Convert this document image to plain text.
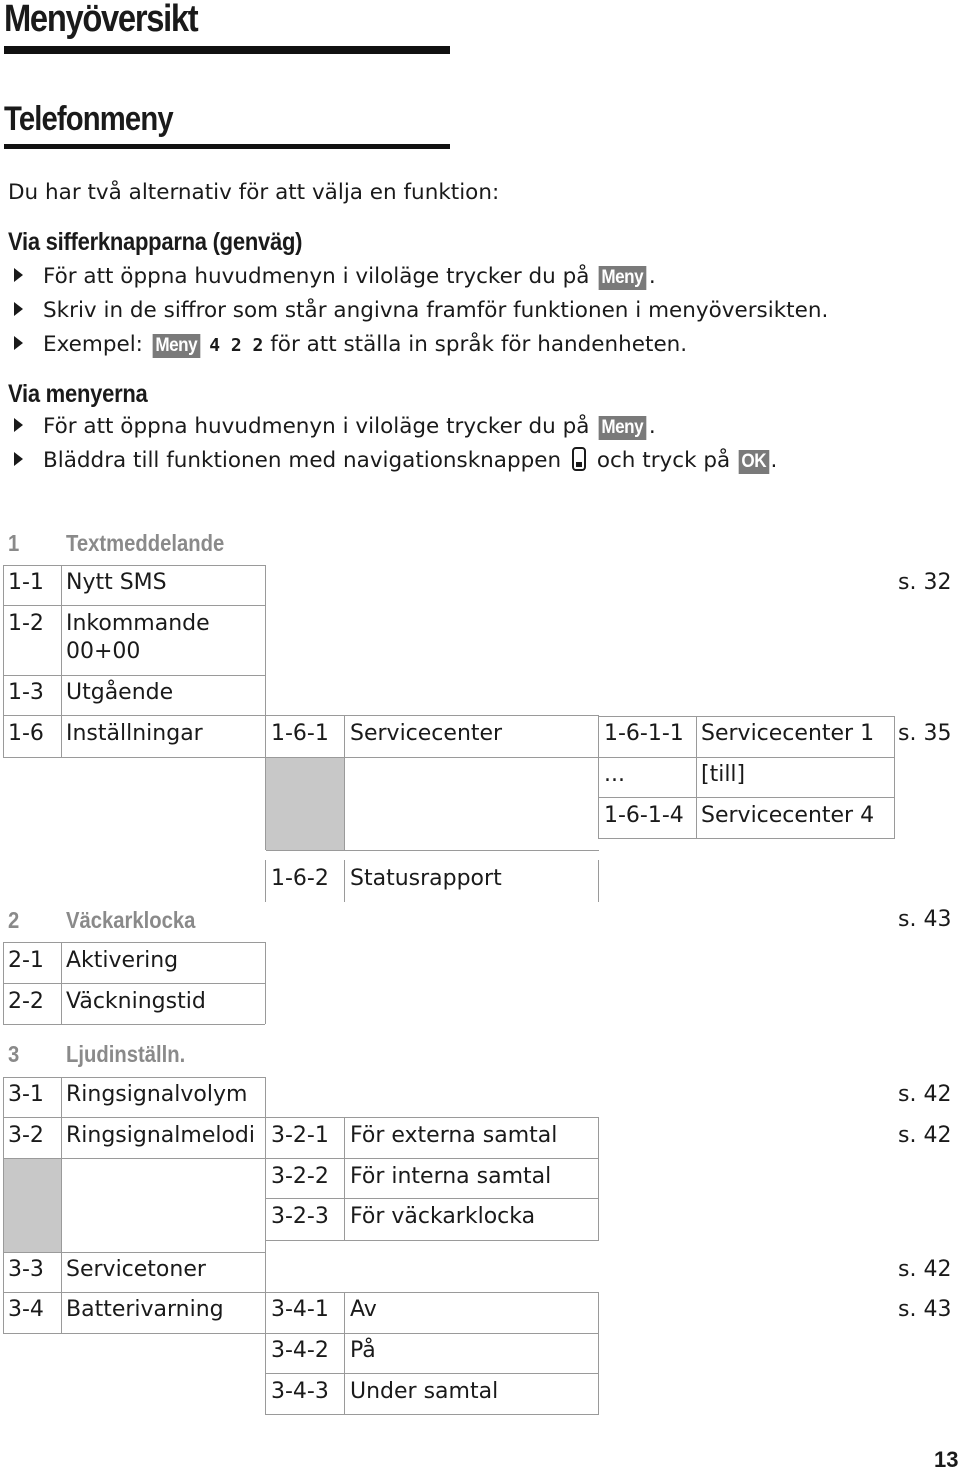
Menyöversikt
Telefonmeny
Du har två alternativ för att välja en funktion:
Via sifferknapparna (genväg)
För att öppna huvudmenyn i viloläge trycker du på Meny .
Skriv in de siffror som står angivna framför funktionen i menyöversikten.
Exempel: Meny 4 2 2 för att ställa in språk för handenheten.
Via menyerna
För att öppna huvudmenyn i viloläge trycker du på Meny .
Bläddra till funktionen med navigationsknappen och tryck på OK .
1 Textmeddelande
1-1 Nytt SMS	s. 32
1-2 Inkommande
00+00
1-3 Utgående
1-6 Inställningar	1-6-1 Servicecenter	1-6-1-1 Servicecenter 1 s. 35
...	[till]
1-6-1-4 Servicecenter 4
1-6-2 Statusrapport
2 Väckarklocka	s. 43
2-1 Aktivering
2-2 Väckningstid
3 Ljudinställn.
3-1 Ringsignalvolym	s. 42
3-2 Ringsignalmelodi 3-2-1 För externa samtal	s. 42
3-2-2 För interna samtal
3-2-3 För väckarklocka
3-3 Servicetoner	s. 42
3-4 Batterivarning 3-4-1 Av	s. 43
3-4-2 På
3-4-3 Under samtal
13
